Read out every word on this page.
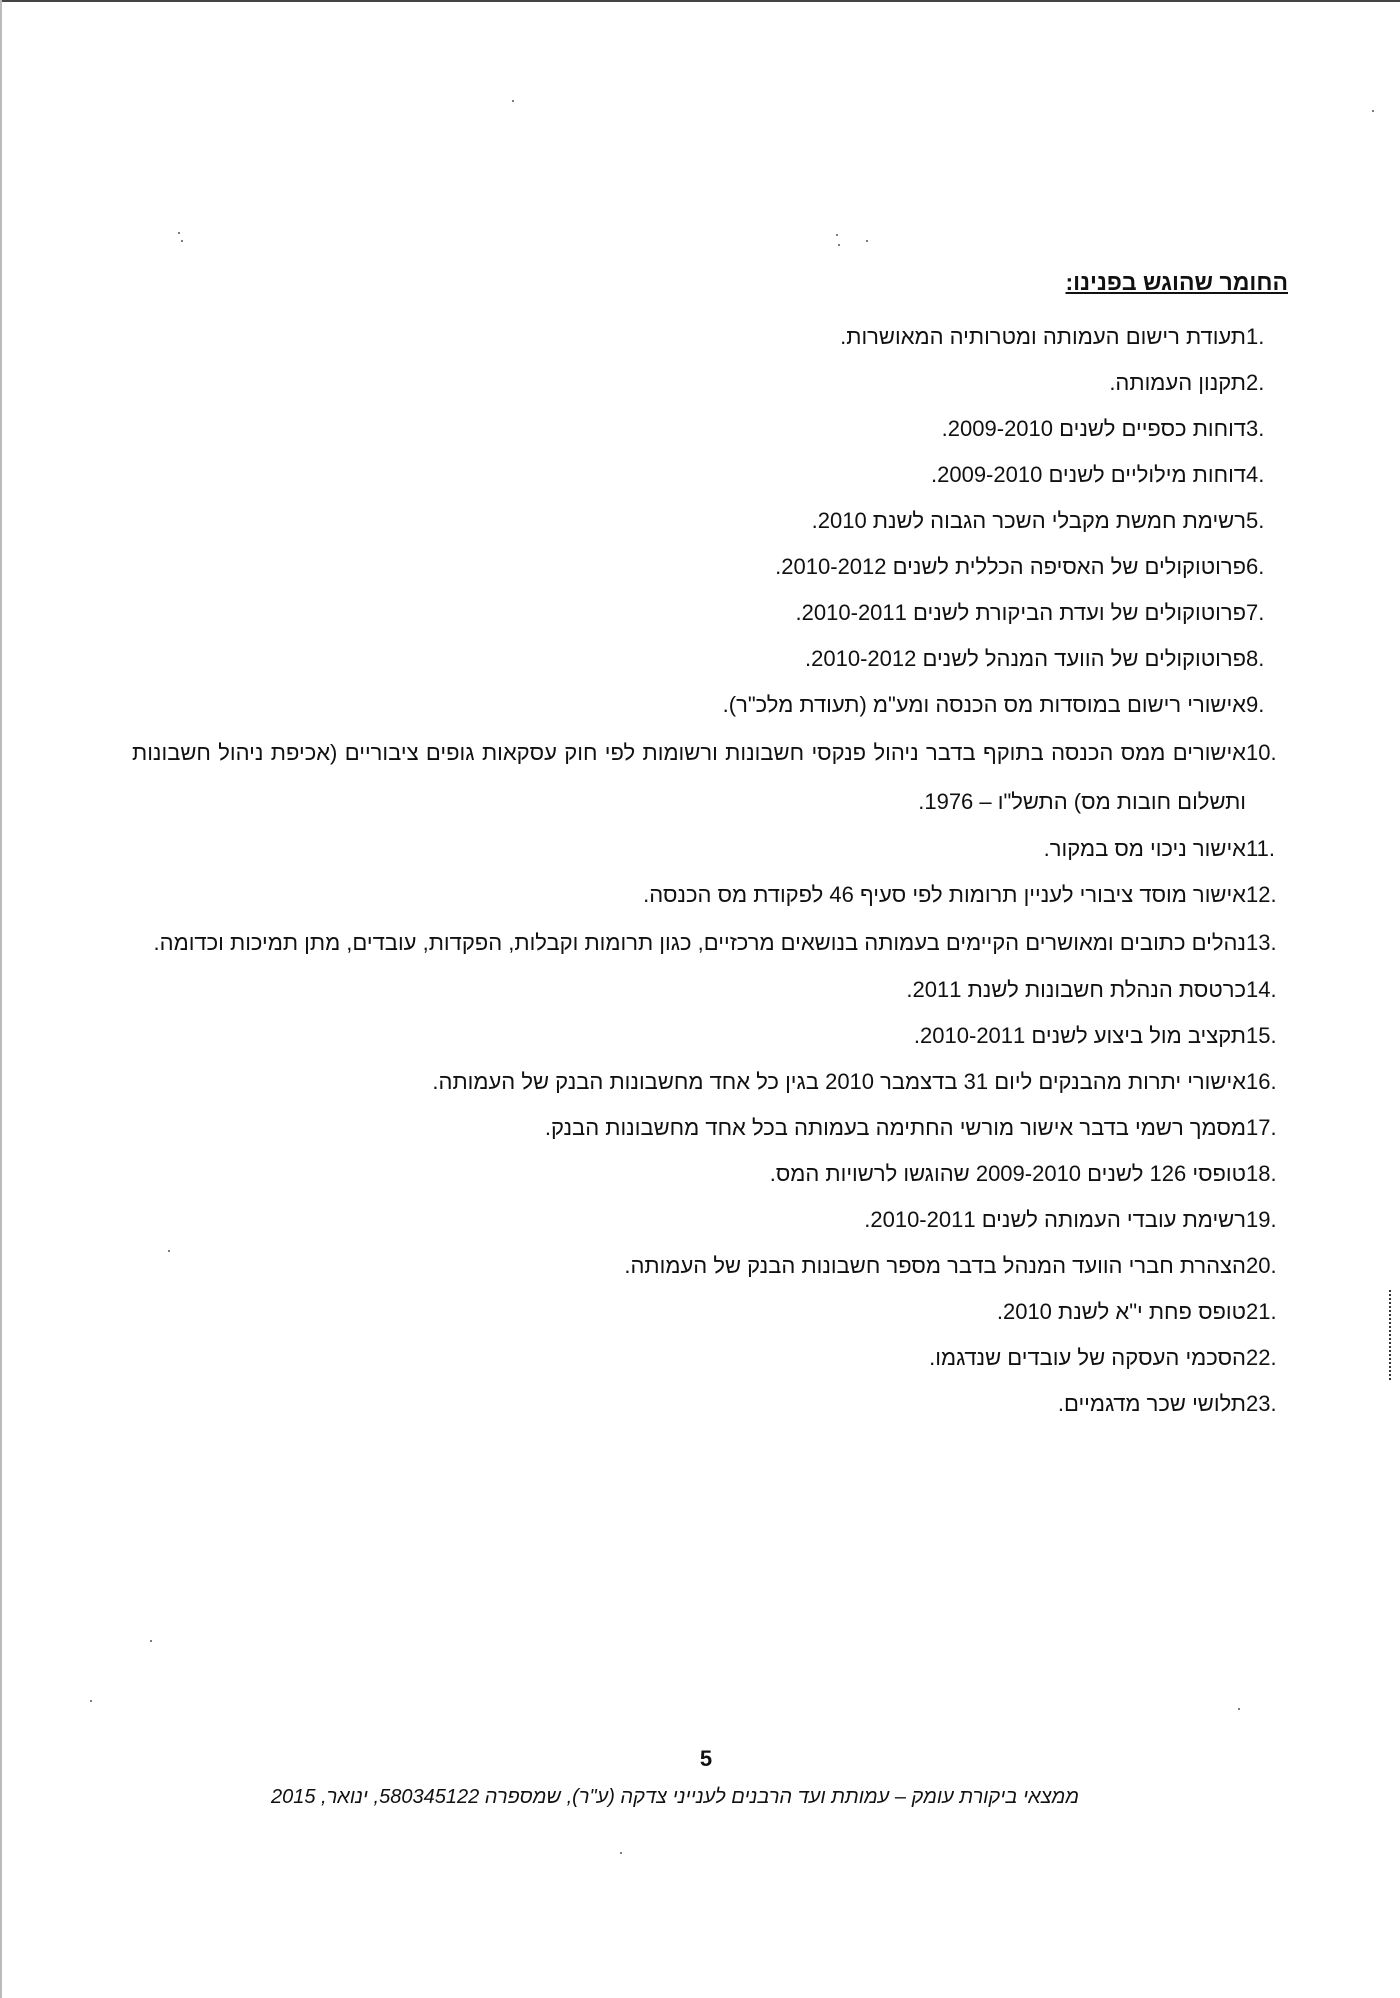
החומר שהוגש בפנינו:
1.
תעודת רישום העמותה ומטרותיה המאושרות.
2.
תקנון העמותה.
3.
דוחות כספיים לשנים 2009-2010.
4.
דוחות מילוליים לשנים 2009-2010.
5.
רשימת חמשת מקבלי השכר הגבוה לשנת 2010.
6.
פרוטוקולים של האסיפה הכללית לשנים 2010-2012.
7.
פרוטוקולים של ועדת הביקורת לשנים 2010-2011.
8.
פרוטוקולים של הוועד המנהל לשנים 2010-2012.
9.
אישורי רישום במוסדות מס הכנסה ומע"מ (תעודת מלכ"ר).
10.
אישורים ממס הכנסה בתוקף בדבר ניהול פנקסי חשבונות ורשומות לפי חוק עסקאות גופים ציבוריים (אכיפת ניהול חשבונות ותשלום חובות מס) התשל"ו – 1976.
11.
אישור ניכוי מס במקור.
12.
אישור מוסד ציבורי לעניין תרומות לפי סעיף 46 לפקודת מס הכנסה.
13.
נהלים כתובים ומאושרים הקיימים בעמותה בנושאים מרכזיים, כגון תרומות וקבלות, הפקדות, עובדים, מתן תמיכות וכדומה.
14.
כרטסת הנהלת חשבונות לשנת 2011.
15.
תקציב מול ביצוע לשנים 2010-2011.
16.
אישורי יתרות מהבנקים ליום 31 בדצמבר 2010 בגין כל אחד מחשבונות הבנק של העמותה.
17.
מסמך רשמי בדבר אישור מורשי החתימה בעמותה בכל אחד מחשבונות הבנק.
18.
טופסי 126 לשנים 2009-2010 שהוגשו לרשויות המס.
19.
רשימת עובדי העמותה לשנים 2010-2011.
20.
הצהרת חברי הוועד המנהל בדבר מספר חשבונות הבנק של העמותה.
21.
טופס פחת י"א לשנת 2010.
22.
הסכמי העסקה של עובדים שנדגמו.
23.
תלושי שכר מדגמיים.
5
ממצאי ביקורת עומק – עמותת ועד הרבנים לענייני צדקה (ע"ר), שמספרה 580345122, ינואר, 2015
